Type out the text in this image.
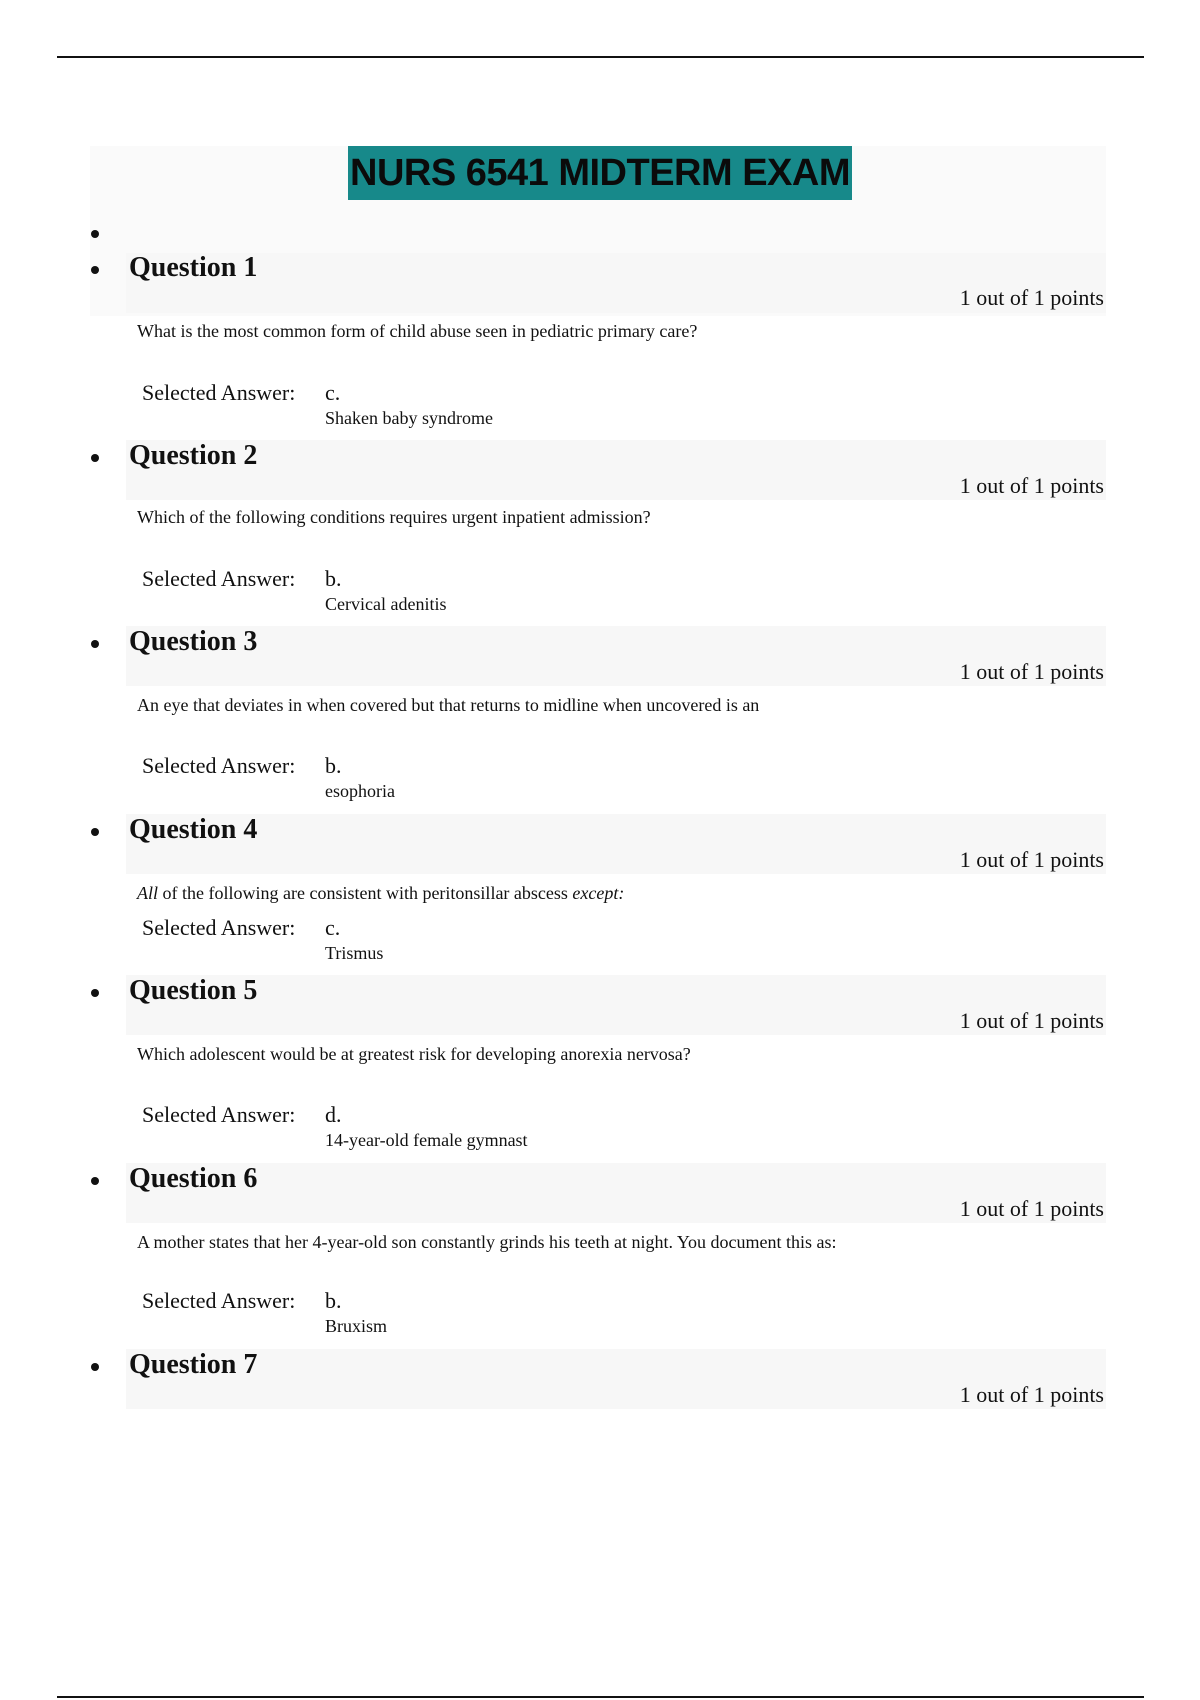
NURS 6541 MIDTERM EXAM
Question 1
1 out of 1 points
What is the most common form of child abuse seen in pediatric primary care?
Selected Answer: c.
Shaken baby syndrome
Question 2
1 out of 1 points
Which of the following conditions requires urgent inpatient admission?
Selected Answer: b.
Cervical adenitis
Question 3
1 out of 1 points
An eye that deviates in when covered but that returns to midline when uncovered is an
Selected Answer: b.
esophoria
Question 4
1 out of 1 points
All of the following are consistent with peritonsillar abscess except:
Selected Answer: c.
Trismus
Question 5
1 out of 1 points
Which adolescent would be at greatest risk for developing anorexia nervosa?
Selected Answer: d.
14-year-old female gymnast
Question 6
1 out of 1 points
A mother states that her 4-year-old son constantly grinds his teeth at night. You document this as:
Selected Answer: b.
Bruxism
Question 7
1 out of 1 points
